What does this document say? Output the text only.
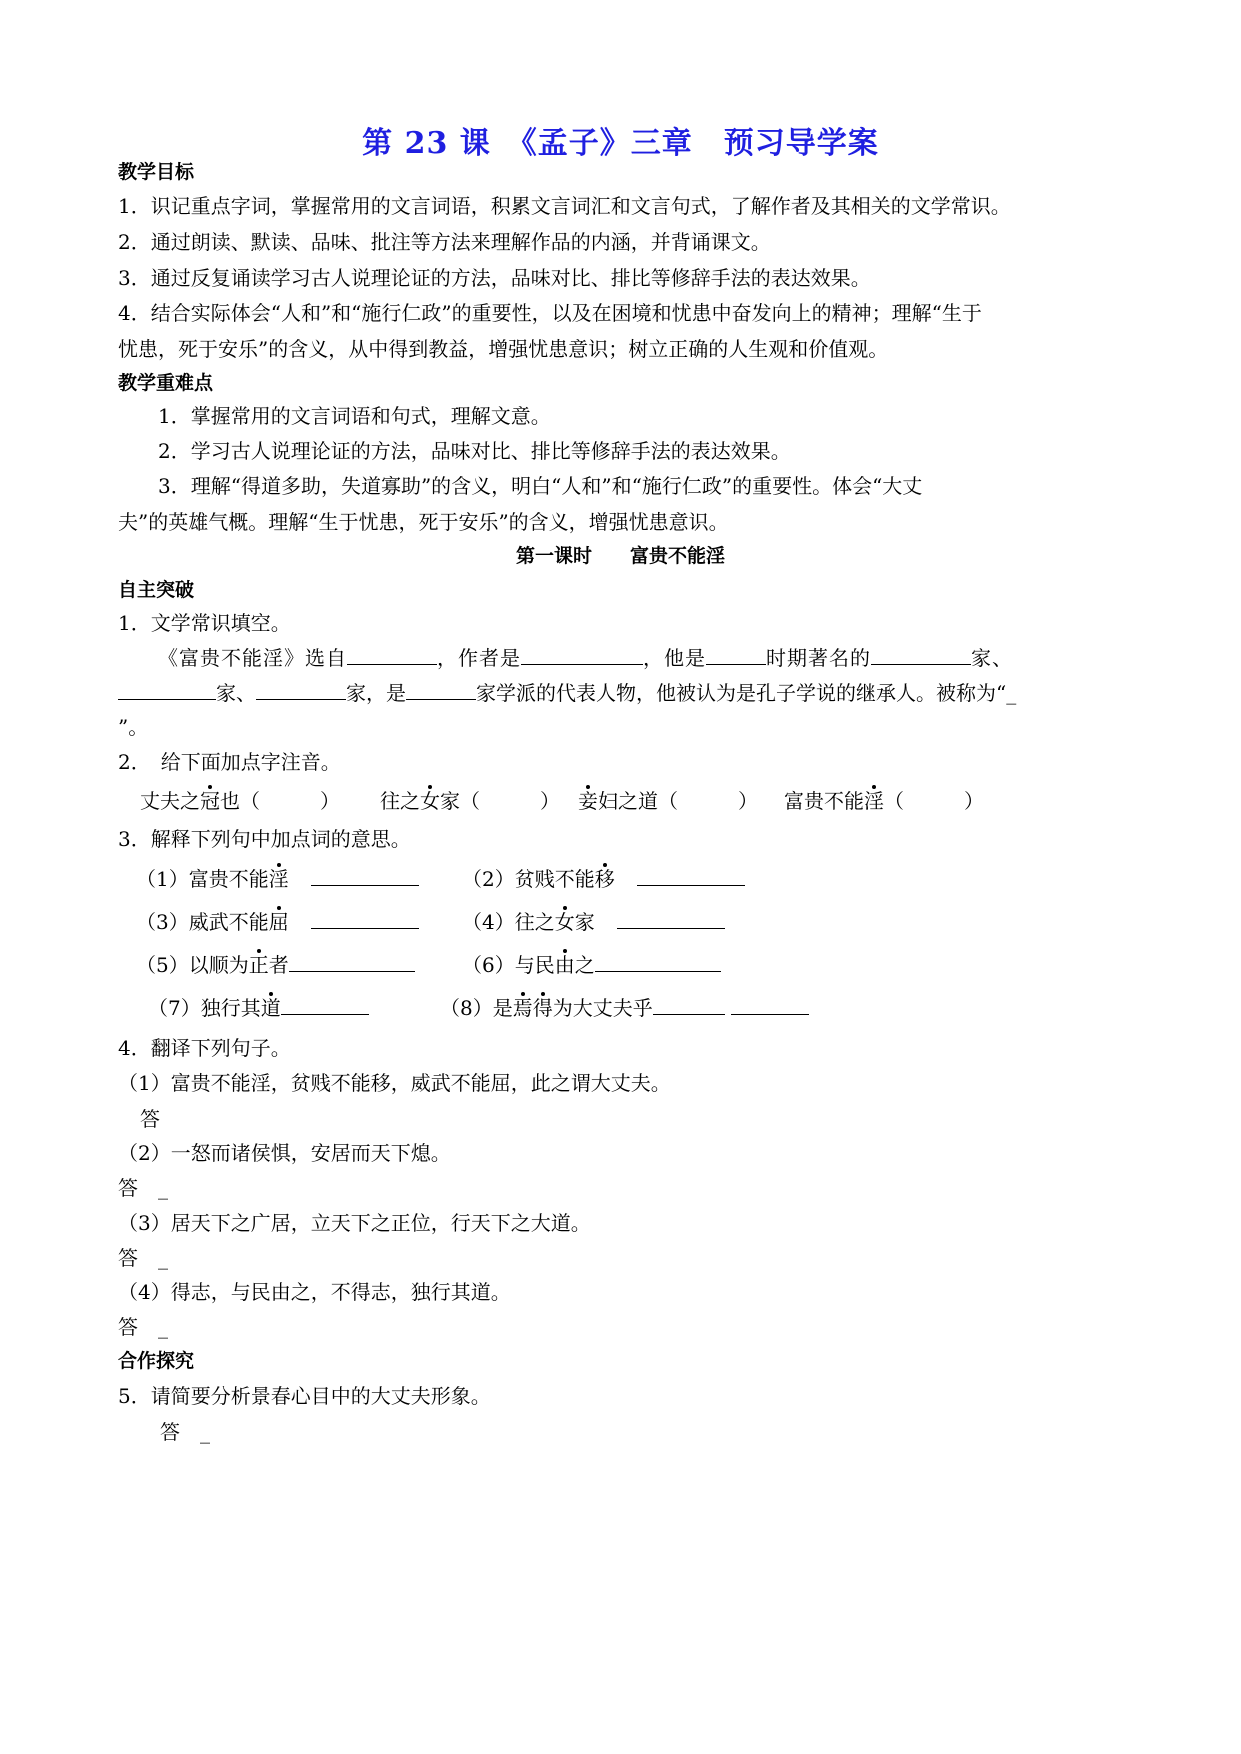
第 23 课　《孟子》三章　预习导学案
教学目标
1．识记重点字词，掌握常用的文言词语，积累文言词汇和文言句式，了解作者及其相关的文学常识。
2．通过朗读、默读、品味、批注等方法来理解作品的内涵，并背诵课文。
3．通过反复诵读学习古人说理论证的方法，品味对比、排比等修辞手法的表达效果。
4．结合实际体会“人和”和“施行仁政”的重要性，以及在困境和忧患中奋发向上的精神；理解“生于
忧患，死于安乐”的含义，从中得到教益，增强忧患意识；树立正确的人生观和价值观。
教学重难点
1．掌握常用的文言词语和句式，理解文意。
2．学习古人说理论证的方法，品味对比、排比等修辞手法的表达效果。
3．理解“得道多助，失道寡助”的含义，明白“人和”和“施行仁政”的重要性。体会“大丈
夫”的英雄气概。理解“生于忧患，死于安乐”的含义，增强忧患意识。
第一课时　　富贵不能淫
自主突破
1．文学常识填空。
《富贵不能淫》选自	，作者是	，他是	时期著名的	家、
家、	家，是	家学派的代表人物，他被认为是孔子学说的继承人。被称为“_
”。
2．　给下面加点字注音。
丈夫之冠也（　　　） 往之女家（　　　） 妾妇之道（　　　） 富贵不能淫（　　　）
3．解释下列句中加点词的意思。
（1）富贵不能淫	（2）贫贱不能移
（3）威武不能屈	（4）往之女家
（5）以顺为正者	（6）与民由之
（7）独行其道	（8）是焉得为大丈夫乎
4．翻译下列句子。
（1）富贵不能淫，贫贱不能移，威武不能屈，此之谓大丈夫。
答
（2）一怒而诸侯惧，安居而天下熄。
答　_
（3）居天下之广居，立天下之正位，行天下之大道。
答　_
（4）得志，与民由之，不得志，独行其道。
答　_
合作探究
5．请简要分析景春心目中的大丈夫形象。
答　_
